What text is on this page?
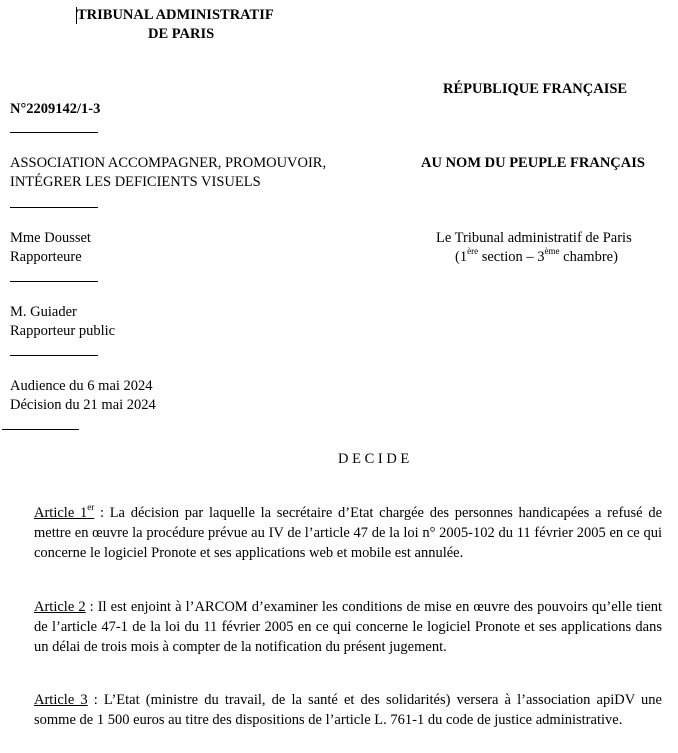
TRIBUNAL ADMINISTRATIF
DE PARIS
RÉPUBLIQUE FRANÇAISE
AU NOM DU PEUPLE FRANÇAIS
Le Tribunal administratif de Paris
(1ère section – 3ème chambre)
N°2209142/1-3
ASSOCIATION ACCOMPAGNER, PROMOUVOIR,
INTÉGRER LES DEFICIENTS VISUELS
Mme Dousset
Rapporteure
M. Guiader
Rapporteur public
Audience du 6 mai 2024
Décision du 21 mai 2024
D E C I D E
Article 1er : La décision par laquelle la secrétaire d’Etat chargée des personnes handicapées a refusé de mettre en œuvre la procédure prévue au IV de l’article 47 de la loi n° 2005-102 du 11 février 2005 en ce qui concerne le logiciel Pronote et ses applications web et mobile est annulée.
Article 2 : Il est enjoint à l’ARCOM d’examiner les conditions de mise en œuvre des pouvoirs qu’elle tient de l’article 47-1 de la loi du 11 février 2005 en ce qui concerne le logiciel Pronote et ses applications dans un délai de trois mois à compter de la notification du présent jugement.
Article 3 : L’Etat (ministre du travail, de la santé et des solidarités) versera à l’association apiDV une somme de 1 500 euros au titre des dispositions de l’article L. 761-1 du code de justice administrative.
